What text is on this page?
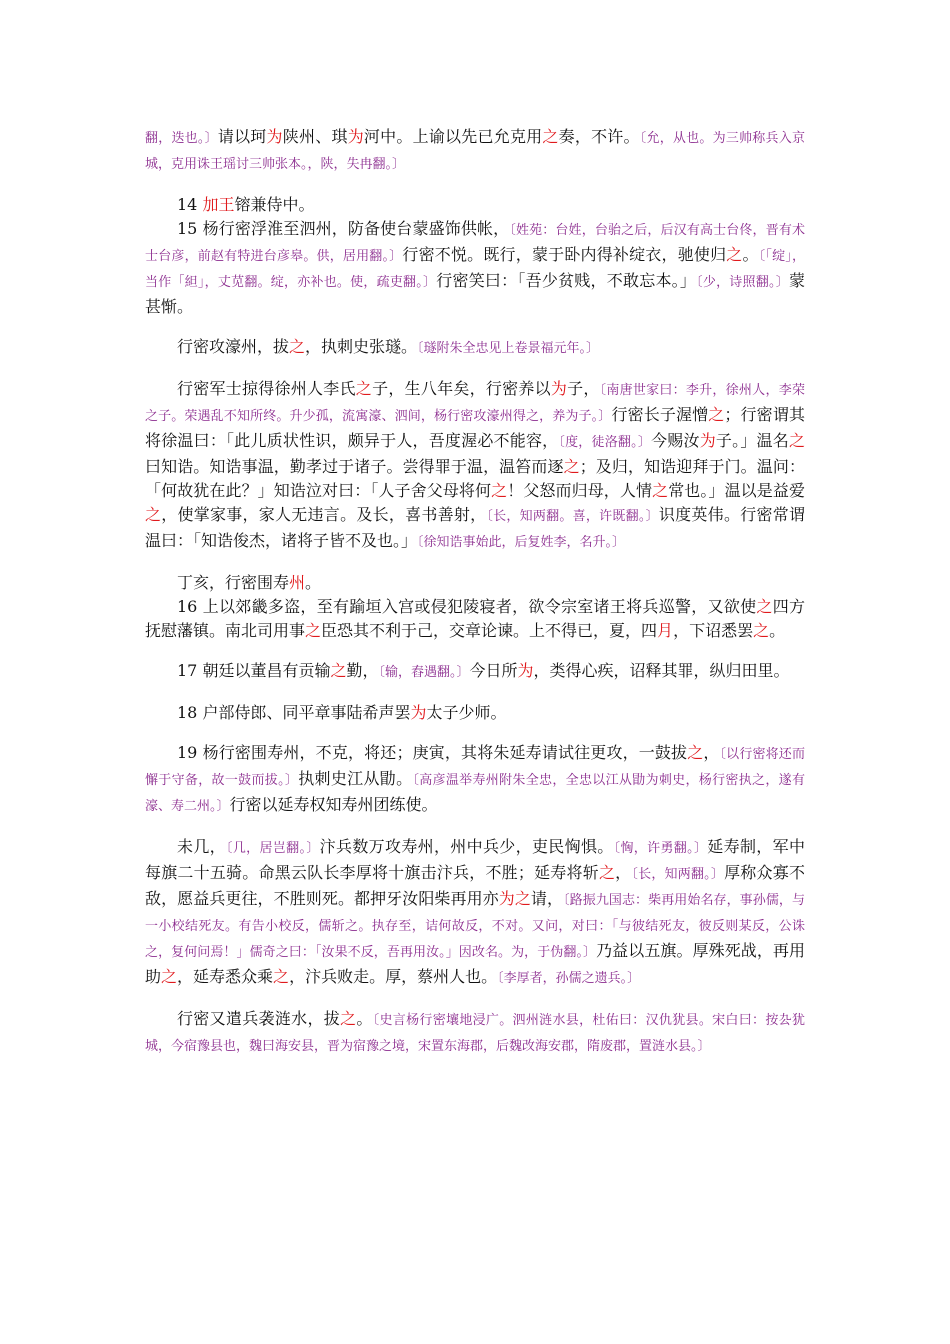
翻，迭也。〕请以珂为陕州、琪为河中。上谕以先已允克用之奏，不许。〔允，从也。为三帅称兵入京城，克用诛王瑶讨三帅张本。，陕，失冉翻。〕

14 加王镕兼侍中。

15 杨行密浮淮至泗州，防备使台蒙盛饰供帐，〔姓苑：台姓，台骀之后，后汉有高士台佟，晋有术士台彦，前赵有特进台彦皋。供，居用翻。〕行密不悦。既行，蒙于卧内得补绽衣，驰使归之。〔「绽」，当作「䋎」，丈苋翻。绽，亦补也。使，疏吏翻。〕行密笑曰：「吾少贫贱，不敢忘本。」〔少，诗照翻。〕蒙甚惭。

行密攻濠州，拔之，执刺史张璲。〔璲附朱全忠见上卷景福元年。〕

行密军士掠得徐州人李氏之子，生八年矣，行密养以为子，〔南唐世家曰：李升，徐州人，李荣之子。荣遇乱不知所终。升少孤，流寓濠、泗间，杨行密攻濠州得之，养为子。〕行密长子渥憎之；行密谓其将徐温曰：「此儿质状性识，颇异于人，吾度渥必不能容，〔度，徒洛翻。〕今赐汝为子。」温名之曰知诰。知诰事温，勤孝过于诸子。尝得罪于温，温笞而逐之；及归，知诰迎拜于门。温问：「何故犹在此？」知诰泣对曰：「人子舍父母将何之！父怒而归母，人情之常也。」温以是益爱之，使掌家事，家人无违言。及长，喜书善射，〔长，知两翻。喜，许既翻。〕识度英伟。行密常谓温曰：「知诰俊杰，诸将子皆不及也。」〔徐知诰事始此，后复姓李，名升。〕

丁亥，行密围寿州。

16 上以郊畿多盗，至有踰垣入宫或侵犯陵寝者，欲令宗室诸王将兵巡警，又欲使之四方抚慰藩镇。南北司用事之臣恐其不利于己，交章论谏。上不得已，夏，四月，下诏悉罢之。

17 朝廷以董昌有贡输之勤，〔输，舂遇翻。〕今日所为，类得心疾，诏释其罪，纵归田里。

18 户部侍郎、同平章事陆希声罢为太子少师。

19 杨行密围寿州，不克，将还；庚寅，其将朱延寿请试往更攻，一鼓拔之，〔以行密将还而懈于守备，故一鼓而拔。〕执刺史江从勖。〔高彦温举寿州附朱全忠，全忠以江从勖为刺史，杨行密执之，遂有濠、寿二州。〕行密以延寿权知寿州团练使。

未几，〔几，居岂翻。〕汴兵数万攻寿州，州中兵少，吏民恟惧。〔恟，许勇翻。〕延寿制，军中每旗二十五骑。命黑云队长李厚将十旗击汴兵，不胜；延寿将斩之，〔长，知两翻。〕厚称众寡不敌，愿益兵更往，不胜则死。都押牙汝阳柴再用亦为之请，〔路振九国志：柴再用始名存，事孙儒，与一小校结死友。有告小校反，儒斩之。执存至，诘何故反，不对。又问，对曰：「与彼结死友，彼反则某反，公诛之，复何问焉！」儒奇之曰：「汝果不反，吾再用汝。」因改名。为，于伪翻。〕乃益以五旗。厚殊死战，再用助之，延寿悉众乘之，汴兵败走。厚，蔡州人也。〔李厚者，孙儒之遗兵。〕

行密又遣兵袭涟水，拔之。〔史言杨行密壤地浸广。泗州涟水县，杜佑曰：汉仇犹县。宋白曰：按厹犹城，今宿豫县也，魏曰海安县，晋为宿豫之境，宋置东海郡，后魏改海安郡，隋废郡，置涟水县。〕
